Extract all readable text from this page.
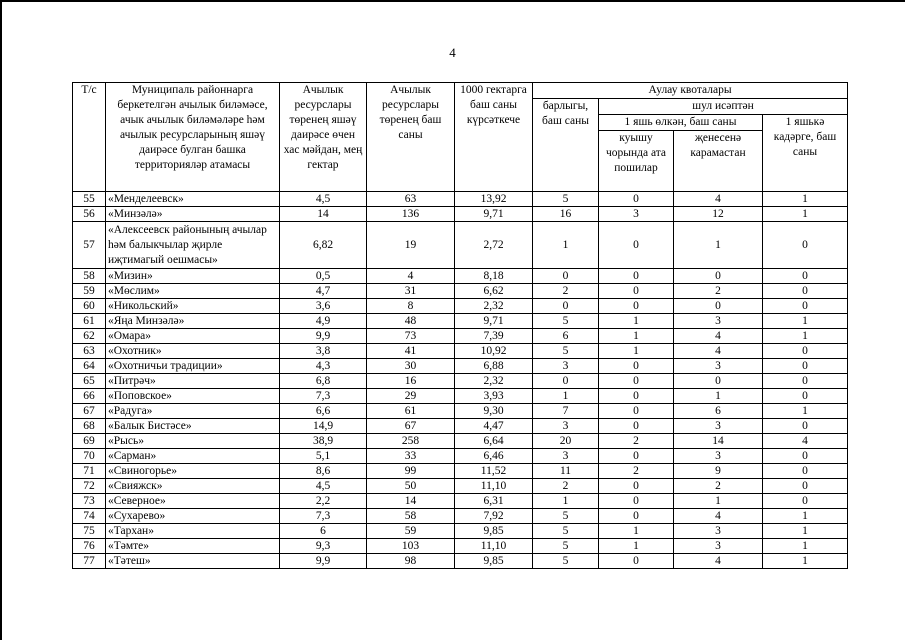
4
Т/с	Муниципаль районнарга беркетелгән ачылык биләмәсе, ачык ачылык биләмәләре һәм ачылык ресурсларының яшәү даирәсе булган башка территорияләр атамасы	Ачылык ресурслары төренең яшәү даирәсе өчен хас мәйдан, мең гектар	Ачылык ресурслары төренең баш саны	1000 гектарга баш саны күрсәткече	Аулау квоталары			
					барлыгы, баш саны	шул исәптән		
						1 яшь өлкән, баш саны		1 яшькә кадәрге, баш саны
						куышу чорында ата пошилар	җенесенә карамастан	
55	«Менделеевск»	4,5	63	13,92	5	0	4	1
56	«Минзәлә»	14	136	9,71	16	3	12	1
57	«Алексеевск районының ачылар һәм балыкчылар җирле иҗтимагый оешмасы»	6,82	19	2,72	1	0	1	0
58	«Мизин»	0,5	4	8,18	0	0	0	0
59	«Мөслим»	4,7	31	6,62	2	0	2	0
60	«Никольский»	3,6	8	2,32	0	0	0	0
61	«Яңа Минзәлә»	4,9	48	9,71	5	1	3	1
62	«Омара»	9,9	73	7,39	6	1	4	1
63	«Охотник»	3,8	41	10,92	5	1	4	0
64	«Охотничьи традиции»	4,3	30	6,88	3	0	3	0
65	«Питрәч»	6,8	16	2,32	0	0	0	0
66	«Поповское»	7,3	29	3,93	1	0	1	0
67	«Радуга»	6,6	61	9,30	7	0	6	1
68	«Балык Бистәсе»	14,9	67	4,47	3	0	3	0
69	«Рысь»	38,9	258	6,64	20	2	14	4
70	«Сарман»	5,1	33	6,46	3	0	3	0
71	«Свиногорье»	8,6	99	11,52	11	2	9	0
72	«Свияжск»	4,5	50	11,10	2	0	2	0
73	«Северное»	2,2	14	6,31	1	0	1	0
74	«Сухарево»	7,3	58	7,92	5	0	4	1
75	«Тархан»	6	59	9,85	5	1	3	1
76	«Тәмте»	9,3	103	11,10	5	1	3	1
77	«Тәтеш»	9,9	98	9,85	5	0	4	1
